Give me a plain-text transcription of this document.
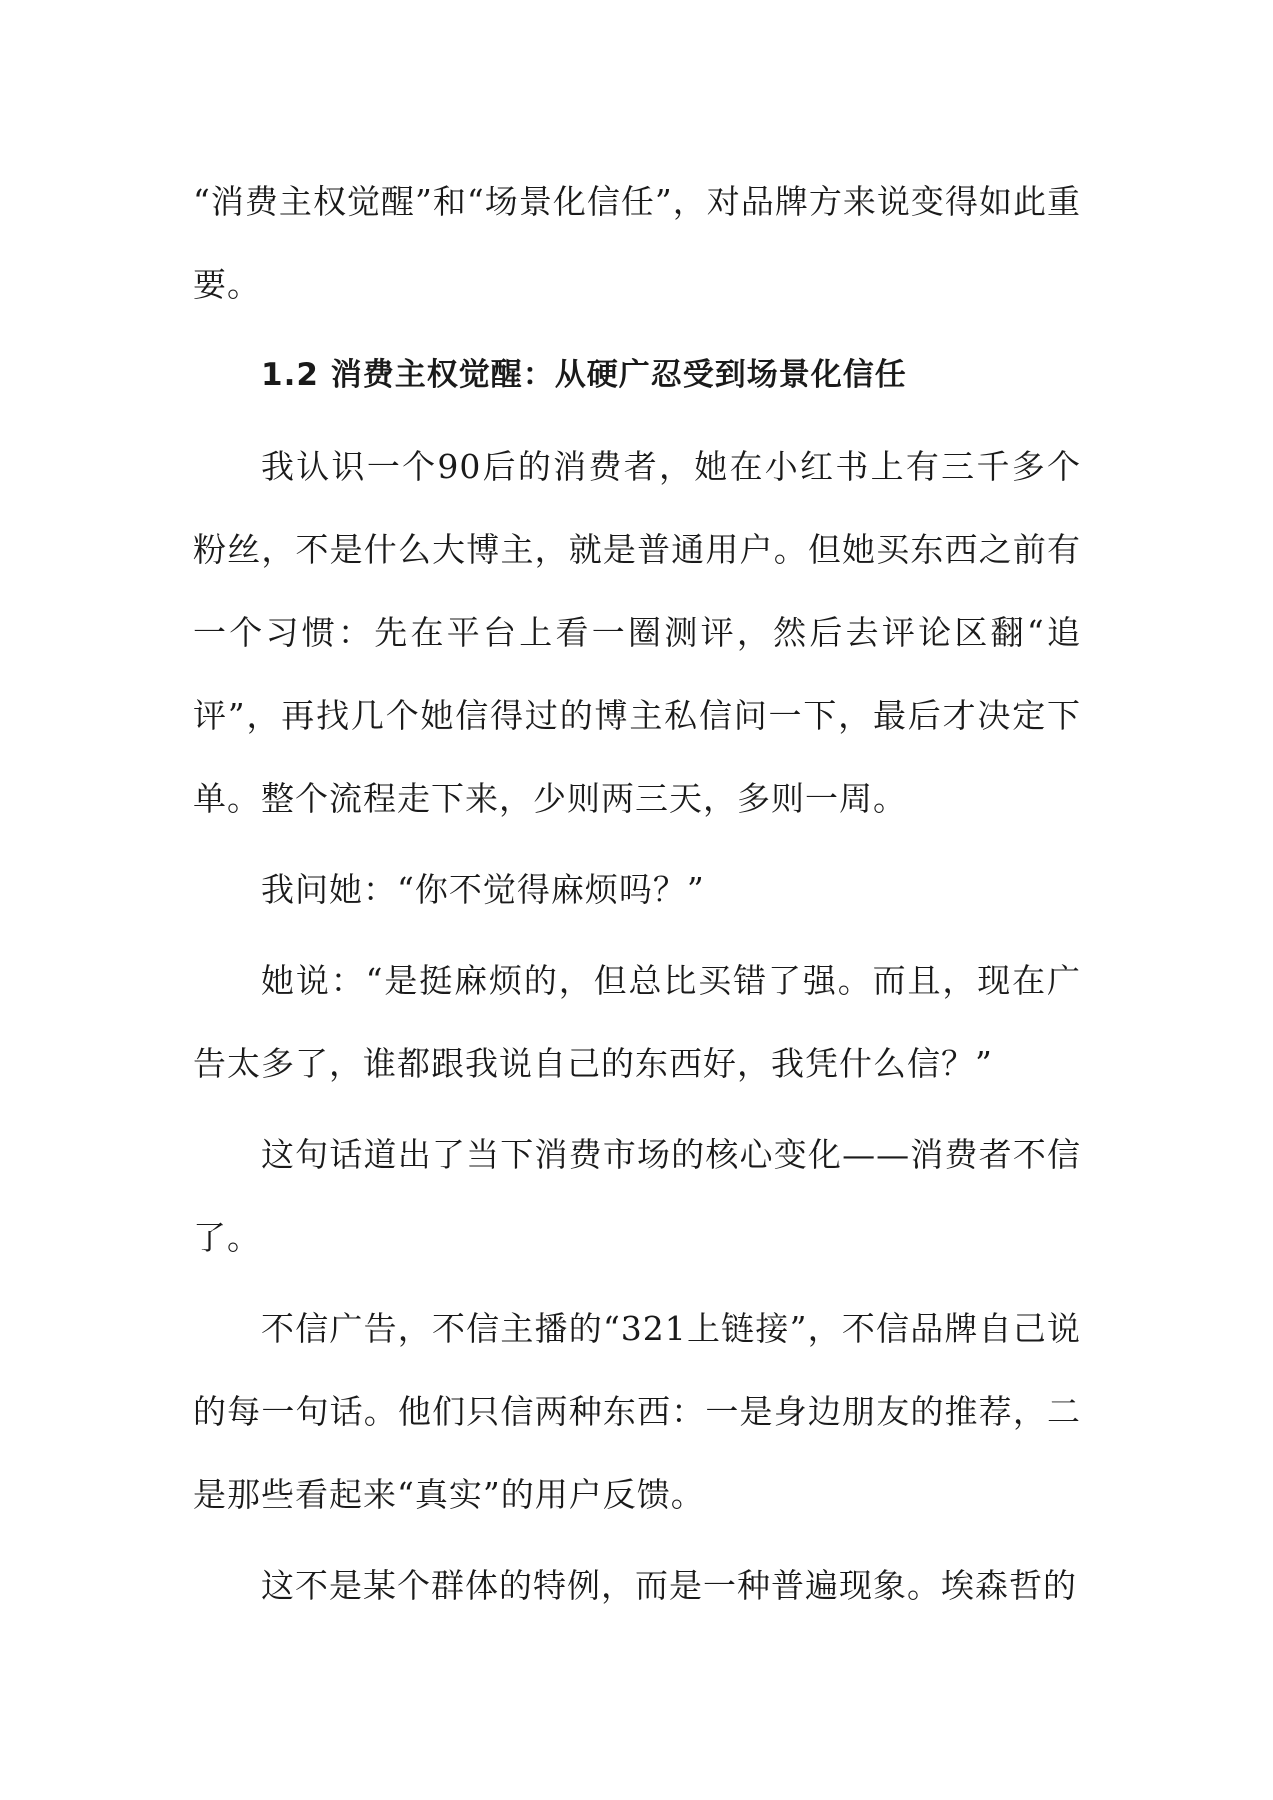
“消费主权觉醒”和“场景化信任”，对品牌方来说变得如此重要。

1.2 消费主权觉醒：从硬广忍受到场景化信任

我认识一个90后的消费者，她在小红书上有三千多个粉丝，不是什么大博主，就是普通用户。但她买东西之前有一个习惯：先在平台上看一圈测评，然后去评论区翻“追评”，再找几个她信得过的博主私信问一下，最后才决定下单。整个流程走下来，少则两三天，多则一周。

我问她：“你不觉得麻烦吗？”

她说：“是挺麻烦的，但总比买错了强。而且，现在广告太多了，谁都跟我说自己的东西好，我凭什么信？”

这句话道出了当下消费市场的核心变化——消费者不信了。

不信广告，不信主播的“321上链接”，不信品牌自己说的每一句话。他们只信两种东西：一是身边朋友的推荐，二是那些看起来“真实”的用户反馈。

这不是某个群体的特例，而是一种普遍现象。埃森哲的
